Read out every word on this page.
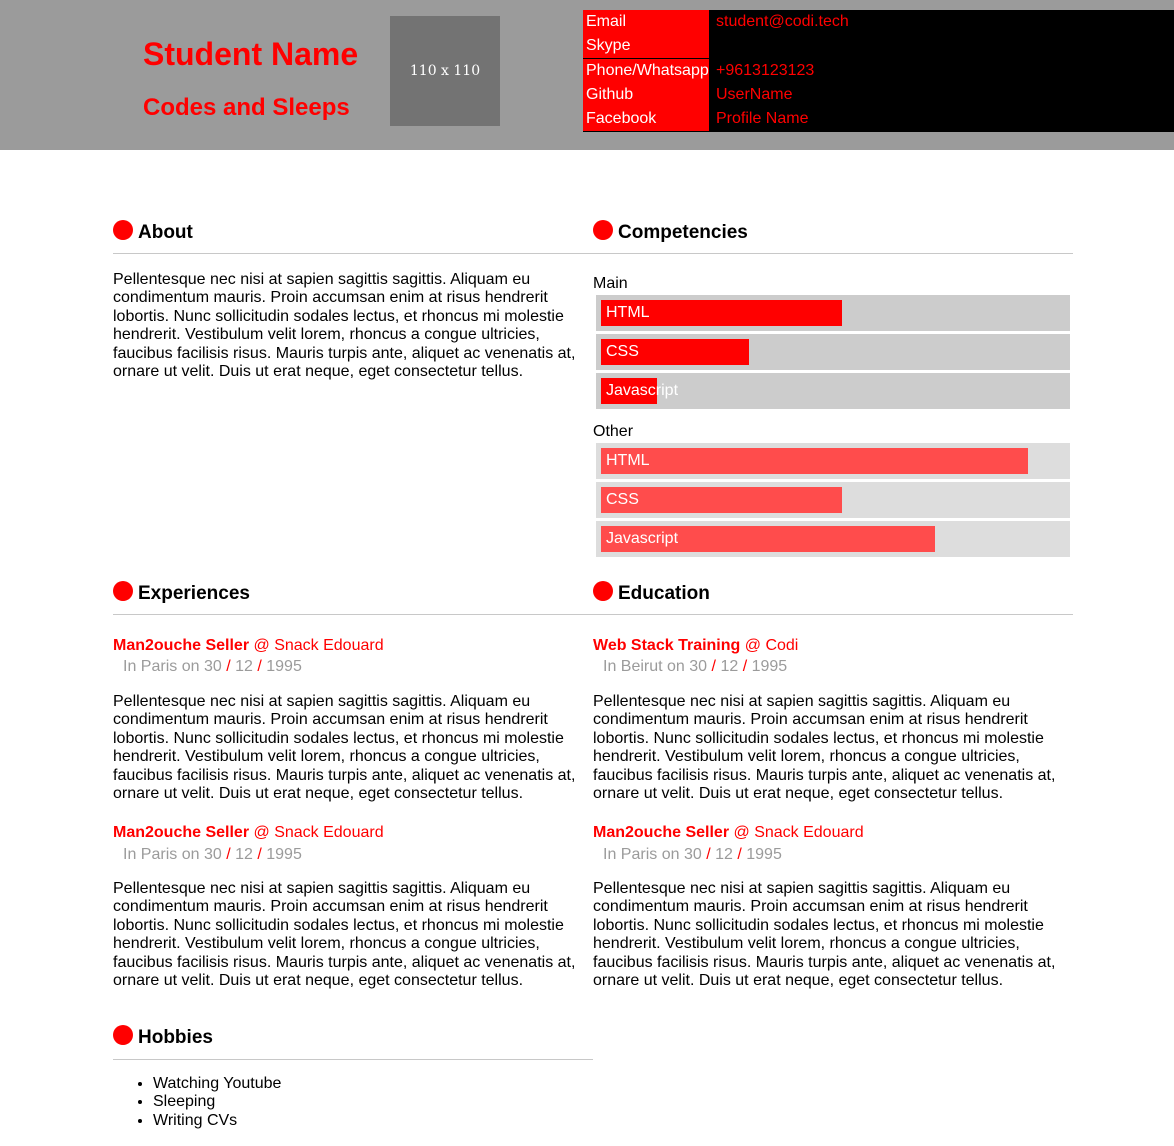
Student Name
Codes and Sleeps
110 x 110
Email	student@codi.tech
Skype
Phone/Whatsapp +9613123123
Github	UserName
Facebook	Profile Name
About
Pellentesque nec nisi at sapien sagittis sagittis. Aliquam eu condimentum mauris. Proin accumsan enim at risus hendrerit lobortis. Nunc sollicitudin sodales lectus, et rhoncus mi molestie hendrerit. Vestibulum velit lorem, rhoncus a congue ultricies, faucibus facilisis risus. Mauris turpis ante, aliquet ac venenatis at, ornare ut velit. Duis ut erat neque, eget consectetur tellus.
Competencies
Main
HTML
CSS
Javascript
Other
HTML
CSS
Javascript
Experiences
Man2ouche Seller @ Snack Edouard
In Paris on 30 / 12 / 1995
Pellentesque nec nisi at sapien sagittis sagittis. Aliquam eu condimentum mauris. Proin accumsan enim at risus hendrerit lobortis. Nunc sollicitudin sodales lectus, et rhoncus mi molestie hendrerit. Vestibulum velit lorem, rhoncus a congue ultricies, faucibus facilisis risus. Mauris turpis ante, aliquet ac venenatis at, ornare ut velit. Duis ut erat neque, eget consectetur tellus.
Man2ouche Seller @ Snack Edouard
In Paris on 30 / 12 / 1995
Pellentesque nec nisi at sapien sagittis sagittis. Aliquam eu condimentum mauris. Proin accumsan enim at risus hendrerit lobortis. Nunc sollicitudin sodales lectus, et rhoncus mi molestie hendrerit. Vestibulum velit lorem, rhoncus a congue ultricies, faucibus facilisis risus. Mauris turpis ante, aliquet ac venenatis at, ornare ut velit. Duis ut erat neque, eget consectetur tellus.
Education
Web Stack Training @ Codi
In Beirut on 30 / 12 / 1995
Pellentesque nec nisi at sapien sagittis sagittis. Aliquam eu condimentum mauris. Proin accumsan enim at risus hendrerit lobortis. Nunc sollicitudin sodales lectus, et rhoncus mi molestie hendrerit. Vestibulum velit lorem, rhoncus a congue ultricies, faucibus facilisis risus. Mauris turpis ante, aliquet ac venenatis at, ornare ut velit. Duis ut erat neque, eget consectetur tellus.
Man2ouche Seller @ Snack Edouard
In Paris on 30 / 12 / 1995
Pellentesque nec nisi at sapien sagittis sagittis. Aliquam eu condimentum mauris. Proin accumsan enim at risus hendrerit lobortis. Nunc sollicitudin sodales lectus, et rhoncus mi molestie hendrerit. Vestibulum velit lorem, rhoncus a congue ultricies, faucibus facilisis risus. Mauris turpis ante, aliquet ac venenatis at, ornare ut velit. Duis ut erat neque, eget consectetur tellus.
Hobbies
• Watching Youtube
• Sleeping
• Writing CVs
